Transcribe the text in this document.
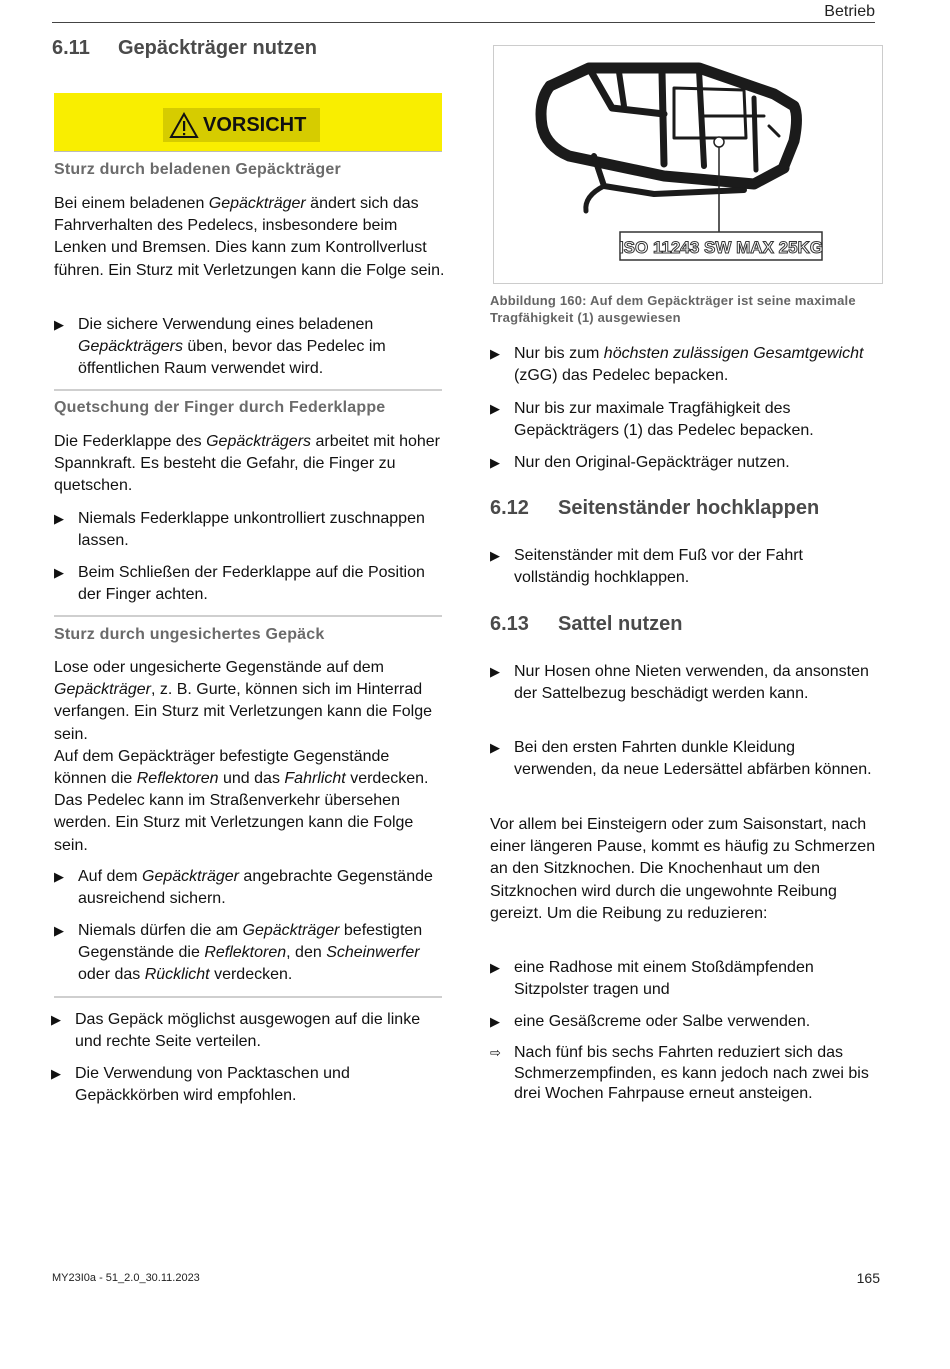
Betrieb
6.11 Gepäckträger nutzen
VORSICHT
Sturz durch beladenen Gepäckträger
Bei einem beladenen Gepäckträger ändert sich das Fahrverhalten des Pedelecs, insbesondere beim Lenken und Bremsen. Dies kann zum Kontrollverlust führen. Ein Sturz mit Verletzungen kann die Folge sein.
▶ Die sichere Verwendung eines beladenen Gepäckträgers üben, bevor das Pedelec im öffentlichen Raum verwendet wird.
Quetschung der Finger durch Federklappe
Die Federklappe des Gepäckträgers arbeitet mit hoher Spannkraft. Es besteht die Gefahr, die Finger zu quetschen.
▶ Niemals Federklappe unkontrolliert zuschnappen lassen.
▶ Beim Schließen der Federklappe auf die Position der Finger achten.
Sturz durch ungesichertes Gepäck
Lose oder ungesicherte Gegenstände auf dem Gepäckträger, z. B. Gurte, können sich im Hinterrad verfangen. Ein Sturz mit Verletzungen kann die Folge sein.
Auf dem Gepäckträger befestigte Gegenstände können die Reflektoren und das Fahrlicht verdecken. Das Pedelec kann im Straßenverkehr übersehen werden. Ein Sturz mit Verletzungen kann die Folge sein.
▶ Auf dem Gepäckträger angebrachte Gegenstände ausreichend sichern.
▶ Niemals dürfen die am Gepäckträger befestigten Gegenstände die Reflektoren, den Scheinwerfer oder das Rücklicht verdecken.
▶ Das Gepäck möglichst ausgewogen auf die linke und rechte Seite verteilen.
▶ Die Verwendung von Packtaschen und Gepäckkörben wird empfohlen.
ISO 11243 SW MAX 25KG
Abbildung 160: Auf dem Gepäckträger ist seine maximale Tragfähigkeit (1) ausgewiesen
▶ Nur bis zum höchsten zulässigen Gesamtgewicht (zGG) das Pedelec bepacken.
▶ Nur bis zur maximale Tragfähigkeit des Gepäckträgers (1) das Pedelec bepacken.
▶ Nur den Original-Gepäckträger nutzen.
6.12 Seitenständer hochklappen
▶ Seitenständer mit dem Fuß vor der Fahrt vollständig hochklappen.
6.13 Sattel nutzen
▶ Nur Hosen ohne Nieten verwenden, da ansonsten der Sattelbezug beschädigt werden kann.
▶ Bei den ersten Fahrten dunkle Kleidung verwenden, da neue Ledersättel abfärben können.
Vor allem bei Einsteigern oder zum Saisonstart, nach einer längeren Pause, kommt es häufig zu Schmerzen an den Sitzknochen. Die Knochenhaut um den Sitzknochen wird durch die ungewohnte Reibung gereizt. Um die Reibung zu reduzieren:
▶ eine Radhose mit einem Stoßdämpfenden Sitzpolster tragen und
▶ eine Gesäßcreme oder Salbe verwenden.
⇨ Nach fünf bis sechs Fahrten reduziert sich das Schmerzempfinden, es kann jedoch nach zwei bis drei Wochen Fahrpause erneut ansteigen.
MY23I0a - 51_2.0_30.11.2023	165
